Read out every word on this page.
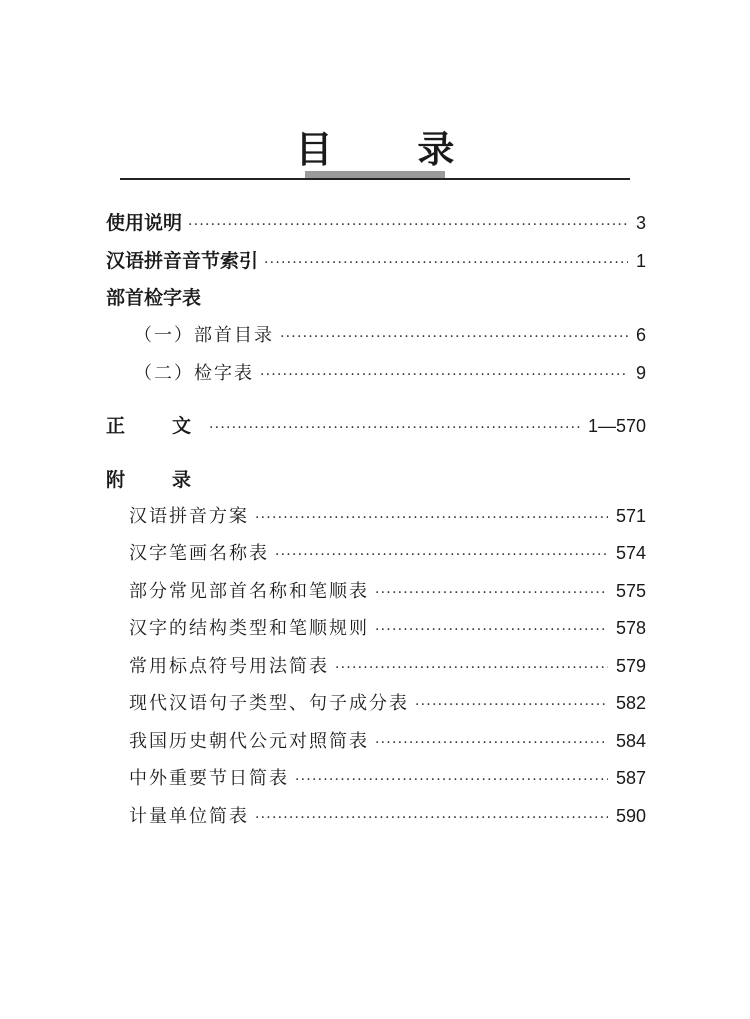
目 录
使用说明 ·····	3
汉语拼音音节索引 ·····	1
部首检字表
（一）部首目录 ·····	6
（二）检字表 ·····	9
正　文 ·····	1—570
附　录
汉语拼音方案 ·····	571
汉字笔画名称表 ·····	574
部分常见部首名称和笔顺表 ·····	575
汉字的结构类型和笔顺规则 ·····	578
常用标点符号用法简表 ·····	579
现代汉语句子类型、句子成分表 ·····	582
我国历史朝代公元对照简表 ·····	584
中外重要节日简表 ·····	587
计量单位简表 ·····	590
